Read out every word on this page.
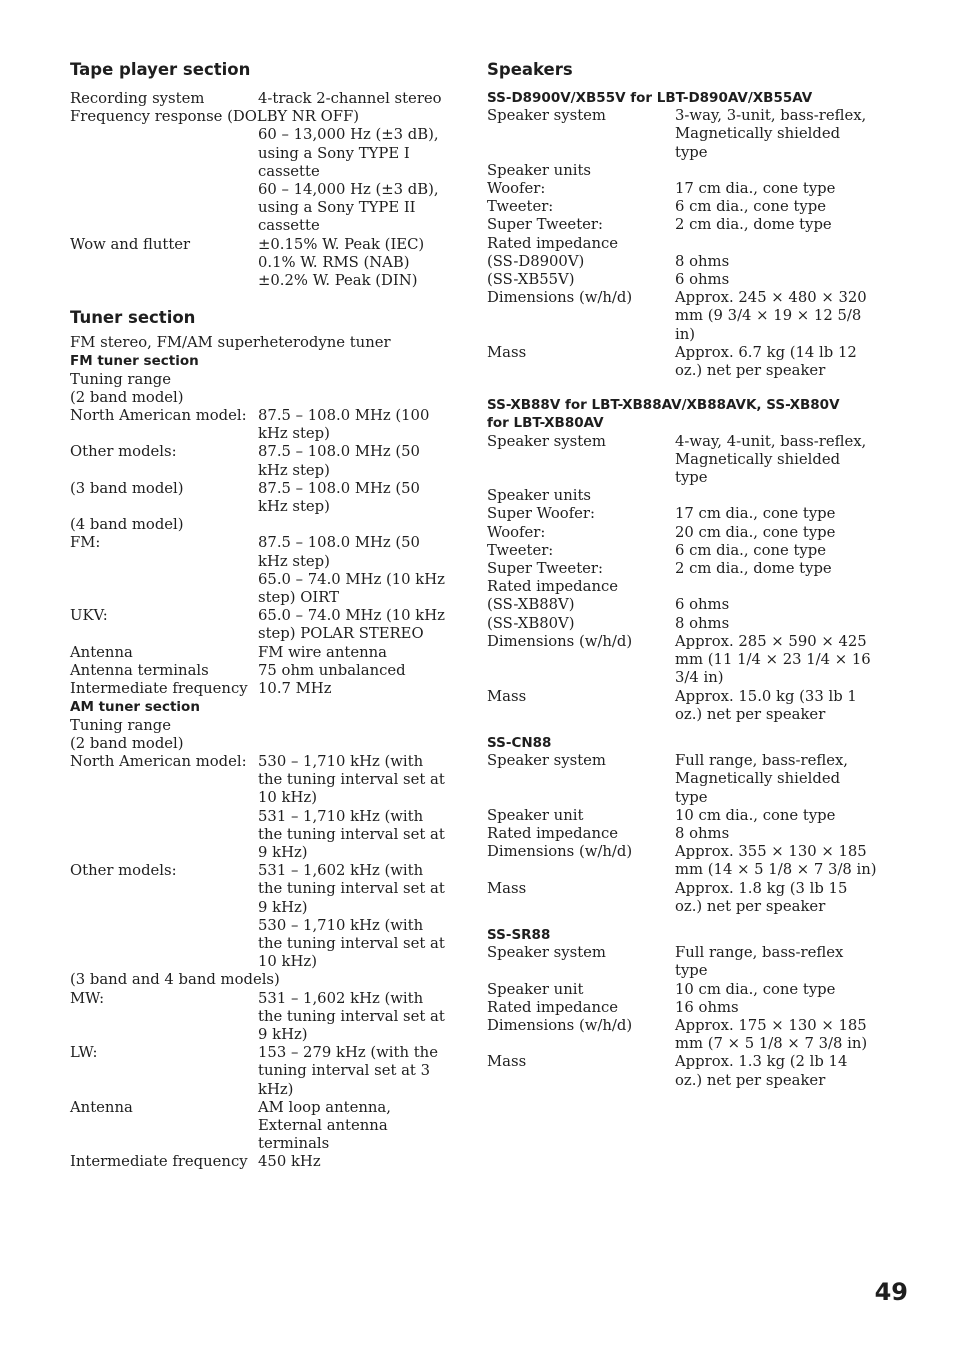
Tape player section
Recording system	4-track 2-channel stereo
Frequency response (DOLBY NR OFF)
60 – 13,000 Hz (±3 dB), using a Sony TYPE I cassette
60 – 14,000 Hz (±3 dB), using a Sony TYPE II cassette
Wow and flutter	±0.15% W. Peak (IEC)
0.1% W. RMS (NAB)
±0.2% W. Peak (DIN)
Tuner section
FM stereo, FM/AM superheterodyne tuner
FM tuner section
Tuning range
(2 band model)
North American model: 87.5 – 108.0 MHz (100 kHz step)
Other models:	87.5 – 108.0 MHz (50 kHz step)
(3 band model)	87.5 – 108.0 MHz (50 kHz step)
(4 band model)
FM:	87.5 – 108.0 MHz (50 kHz step)
65.0 – 74.0 MHz (10 kHz step) OIRT
UKV:	65.0 – 74.0 MHz (10 kHz step) POLAR STEREO
Antenna	FM wire antenna
Antenna terminals	75 ohm unbalanced
Intermediate frequency 10.7 MHz
AM tuner section
Tuning range
(2 band model)
North American model: 530 – 1,710 kHz (with the tuning interval set at 10 kHz)
531 – 1,710 kHz (with the tuning interval set at 9 kHz)
Other models:	531 – 1,602 kHz (with the tuning interval set at 9 kHz)
530 – 1,710 kHz (with the tuning interval set at 10 kHz)
(3 band and 4 band models)
MW:	531 – 1,602 kHz (with the tuning interval set at 9 kHz)
LW:	153 – 279 kHz (with the tuning interval set at 3 kHz)
Antenna	AM loop antenna, External antenna terminals
Intermediate frequency 450 kHz
Speakers
SS-D8900V/XB55V for LBT-D890AV/XB55AV
Speaker system	3-way, 3-unit, bass-reflex, Magnetically shielded type
Speaker units
Woofer:	17 cm dia., cone type
Tweeter:	6 cm dia., cone type
Super Tweeter:	2 cm dia., dome type
Rated impedance
(SS-D8900V)	8 ohms
(SS-XB55V)	6 ohms
Dimensions (w/h/d)	Approx. 245 × 480 × 320 mm (9 3/4 × 19 × 12 5/8 in)
Mass	Approx. 6.7 kg (14 lb 12 oz.) net per speaker
SS-XB88V for LBT-XB88AV/XB88AVK, SS-XB80V
for LBT-XB80AV
Speaker system	4-way, 4-unit, bass-reflex, Magnetically shielded type
Speaker units
Super Woofer:	17 cm dia., cone type
Woofer:	20 cm dia., cone type
Tweeter:	6 cm dia., cone type
Super Tweeter:	2 cm dia., dome type
Rated impedance
(SS-XB88V)	6 ohms
(SS-XB80V)	8 ohms
Dimensions (w/h/d)	Approx. 285 × 590 × 425 mm (11 1/4 × 23 1/4 × 16 3/4 in)
Mass	Approx. 15.0 kg (33 lb 1 oz.) net per speaker
SS-CN88
Speaker system	Full range, bass-reflex, Magnetically shielded type
Speaker unit	10 cm dia., cone type
Rated impedance	8 ohms
Dimensions (w/h/d)	Approx. 355 × 130 × 185 mm (14 × 5 1/8 × 7 3/8 in)
Mass	Approx. 1.8 kg (3 lb 15 oz.) net per speaker
SS-SR88
Speaker system	Full range, bass-reflex type
Speaker unit	10 cm dia., cone type
Rated impedance	16 ohms
Dimensions (w/h/d)	Approx. 175 × 130 × 185 mm (7 × 5 1/8 × 7 3/8 in)
Mass	Approx. 1.3 kg (2 lb 14 oz.) net per speaker
49
